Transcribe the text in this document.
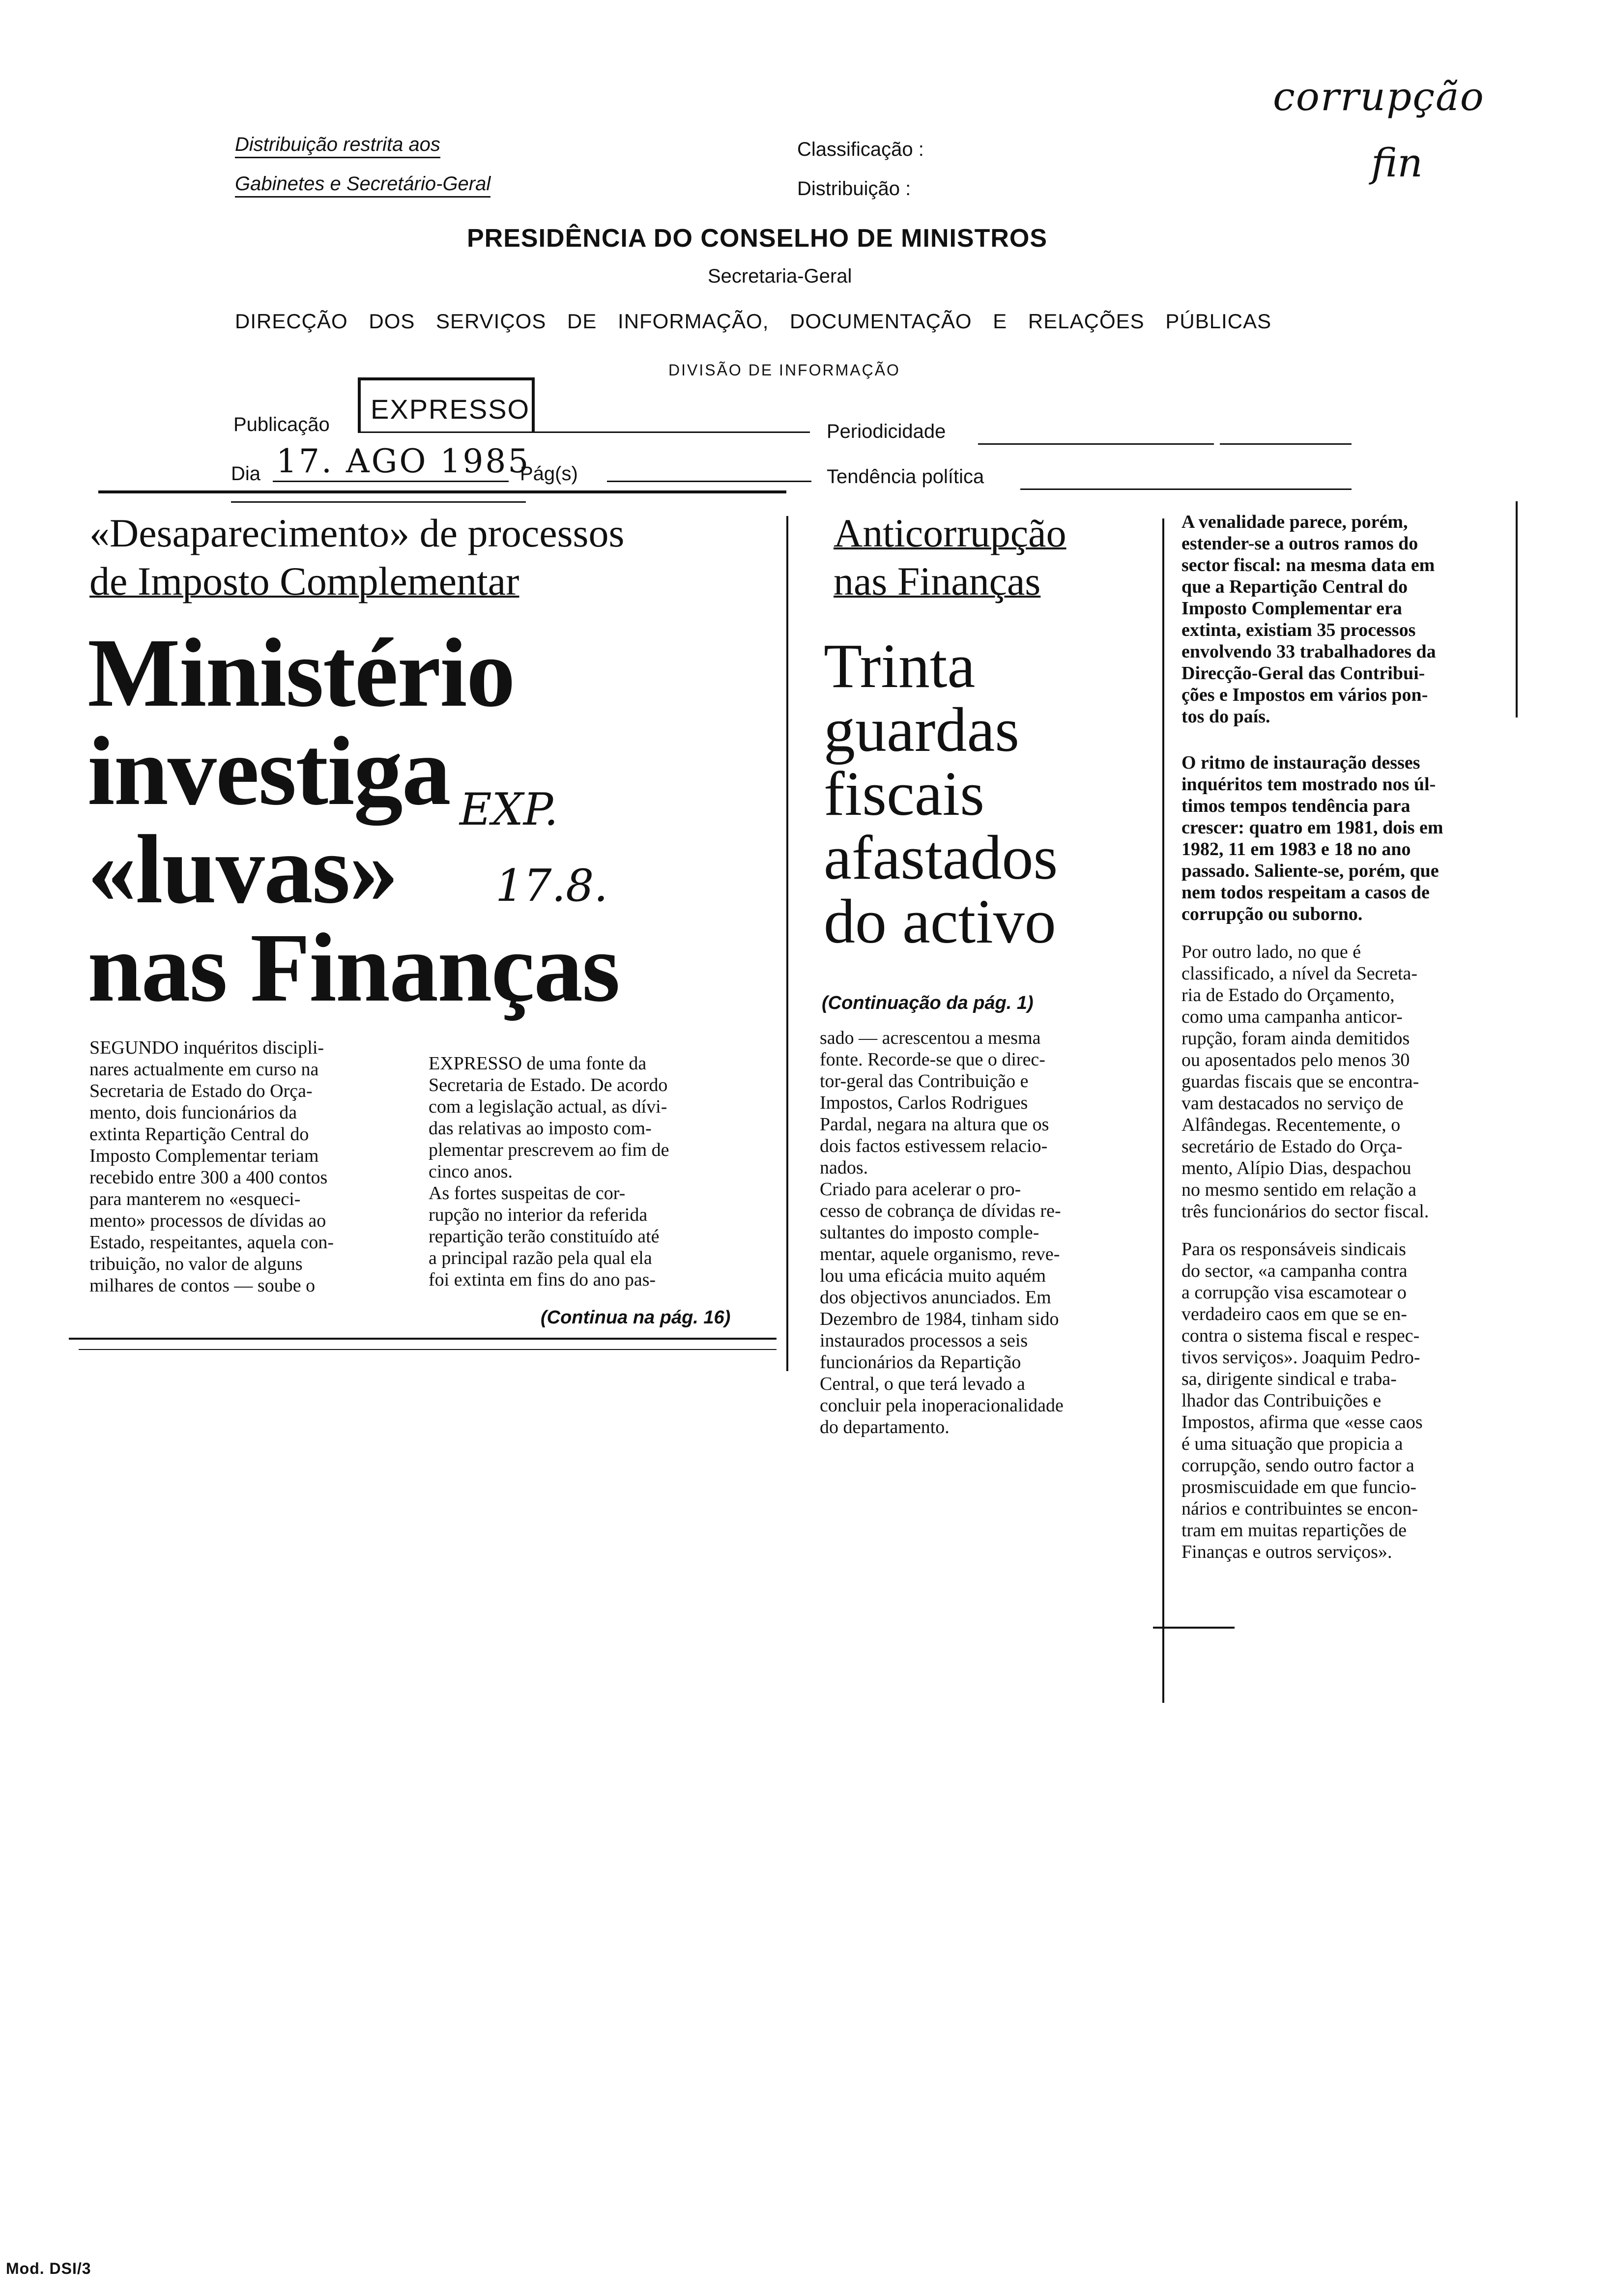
Distribuição restrita aos
Gabinetes e Secretário-Geral
Classificação :
Distribuição :
corrupção
fin
PRESIDÊNCIA DO CONSELHO DE MINISTROS
Secretaria-Geral
DIRECÇÃO DOS SERVIÇOS DE INFORMAÇÃO, DOCUMENTAÇÃO E RELAÇÕES PÚBLICAS
DIVISÃO DE INFORMAÇÃO
Publicação EXPRESSO
Periodicidade
Dia 17. AGO 1985
Pág(s)	Tendência política
«Desaparecimento» de processos
de Imposto Complementar
Ministério
investiga
«luvas»
nas Finanças
EXP.
17.8.
SEGUNDO inquéritos discipli-
nares actualmente em curso na
Secretaria de Estado do Orça-
mento, dois funcionários da
extinta Repartição Central do
Imposto Complementar teriam
recebido entre 300 a 400 contos
para manterem no «esqueci-
mento» processos de dívidas ao
Estado, respeitantes, aquela con-
tribuição, no valor de alguns
milhares de contos — soube o
EXPRESSO de uma fonte da
Secretaria de Estado. De acordo
com a legislação actual, as dívi-
das relativas ao imposto com-
plementar prescrevem ao fim de
cinco anos.
As fortes suspeitas de cor-
rupção no interior da referida
repartição terão constituído até
a principal razão pela qual ela
foi extinta em fins do ano pas-
(Continua na pág. 16)
Anticorrupção
nas Finanças
Trinta
guardas
fiscais
afastados
do activo
(Continuação da pág. 1)
sado — acrescentou a mesma
fonte. Recorde-se que o direc-
tor-geral das Contribuição e
Impostos, Carlos Rodrigues
Pardal, negara na altura que os
dois factos estivessem relacio-
nados.
Criado para acelerar o pro-
cesso de cobrança de dívidas re-
sultantes do imposto comple-
mentar, aquele organismo, reve-
lou uma eficácia muito aquém
dos objectivos anunciados. Em
Dezembro de 1984, tinham sido
instaurados processos a seis
funcionários da Repartição
Central, o que terá levado a
concluir pela inoperacionalidade
do departamento.
A venalidade parece, porém,
estender-se a outros ramos do
sector fiscal: na mesma data em
que a Repartição Central do
Imposto Complementar era
extinta, existiam 35 processos
envolvendo 33 trabalhadores da
Direcção-Geral das Contribui-
ções e Impostos em vários pon-
tos do país.
O ritmo de instauração desses
inquéritos tem mostrado nos úl-
timos tempos tendência para
crescer: quatro em 1981, dois em
1982, 11 em 1983 e 18 no ano
passado. Saliente-se, porém, que
nem todos respeitam a casos de
corrupção ou suborno.
Por outro lado, no que é
classificado, a nível da Secreta-
ria de Estado do Orçamento,
como uma campanha anticor-
rupção, foram ainda demitidos
ou aposentados pelo menos 30
guardas fiscais que se encontra-
vam destacados no serviço de
Alfândegas. Recentemente, o
secretário de Estado do Orça-
mento, Alípio Dias, despachou
no mesmo sentido em relação a
três funcionários do sector fiscal.
Para os responsáveis sindicais
do sector, «a campanha contra
a corrupção visa escamotear o
verdadeiro caos em que se en-
contra o sistema fiscal e respec-
tivos serviços». Joaquim Pedro-
sa, dirigente sindical e traba-
lhador das Contribuições e
Impostos, afirma que «esse caos
é uma situação que propicia a
corrupção, sendo outro factor a
prosmiscuidade em que funcio-
nários e contribuintes se encon-
tram em muitas repartições de
Finanças e outros serviços».
Mod. DSI/3
